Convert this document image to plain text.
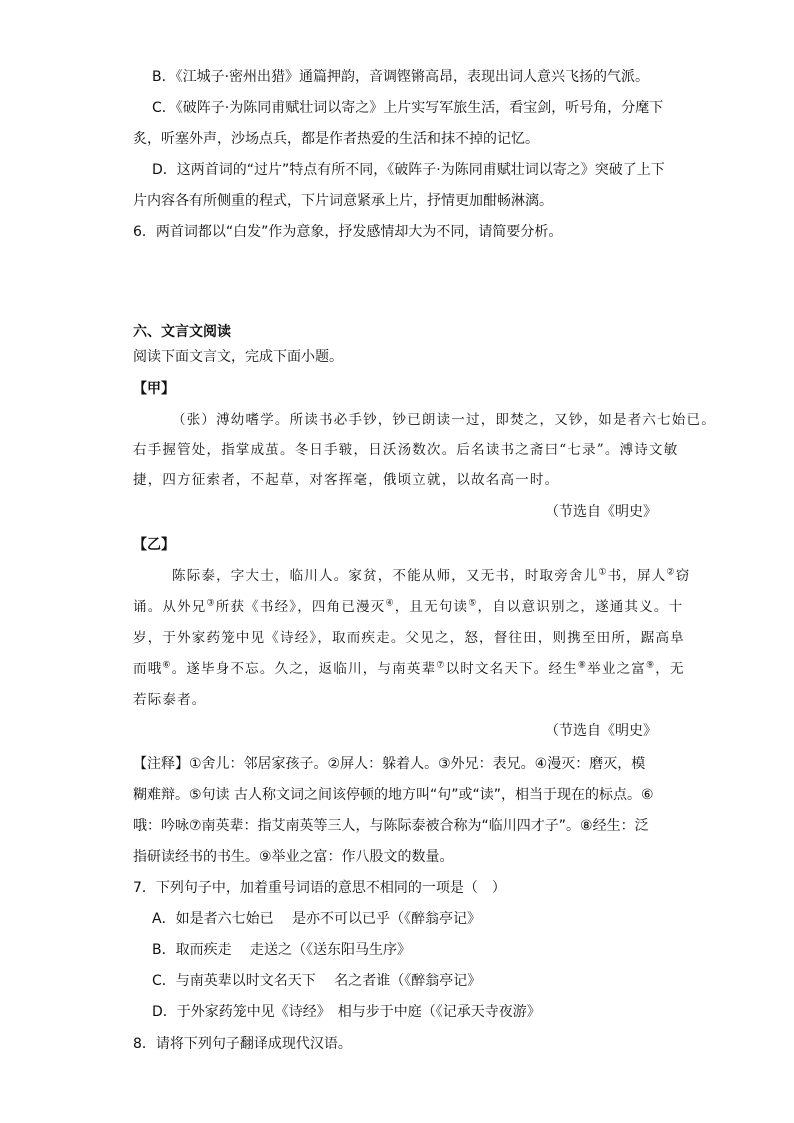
B．《江城子·密州出猎》通篇押韵，音调铿锵高昂，表现出词人意兴飞扬的气派。
C．《破阵子·为陈同甫赋壮词以寄之》上片实写军旅生活，看宝剑，听号角，分麾下
炙，听塞外声，沙场点兵，都是作者热爱的生活和抹不掉的记忆。
D．这两首词的“过片”特点有所不同，《破阵子·为陈同甫赋壮词以寄之》突破了上下
片内容各有所侧重的程式，下片词意紧承上片，抒情更加酣畅淋漓。
6．两首词都以“白发”作为意象，抒发感情却大为不同，请简要分析。
六、文言文阅读
阅读下面文言文，完成下面小题。
【甲】
（张）溥幼嗜学。所读书必手钞，钞已朗读一过，即焚之，又钞，如是者六七始已。
右手握管处，指掌成茧。冬日手皲，日沃汤数次。后名读书之斋曰“七录”。溥诗文敏
捷，四方征索者，不起草，对客挥毫，俄顷立就，以故名高一时。
（节选自《明史》
【乙】
陈际泰，字大士，临川人。家贫，不能从师，又无书，时取旁舍儿①书，屏人②窃
诵。从外兄③所获《书经》，四角已漫灭④，且无句读⑤，自以意识别之，遂通其义。十
岁，于外家药笼中见《诗经》，取而疾走。父见之，怒，督往田，则携至田所，踞高阜
而哦⑥。遂毕身不忘。久之，返临川，与南英辈⑦以时文名天下。经生⑧举业之富⑨，无
若际泰者。
（节选自《明史》
【注释】①舍儿：邻居家孩子。②屏人：躲着人。③外兄：表兄。④漫灭：磨灭，模
糊难辩。⑤句读 古人称文词之间该停顿的地方叫“句”或“读”，相当于现在的标点。⑥
哦：吟咏⑦南英辈：指艾南英等三人，与陈际泰被合称为“临川四才子”。⑧经生：泛
指研读经书的书生。⑨举业之富：作八股文的数量。
7．下列句子中，加着重号词语的意思不相同的一项是（　）
A．如是者六七始已　 是亦不可以已乎（《醉翁亭记》
B．取而疾走　 走送之（《送东阳马生序》
C．与南英辈以时文名天下　 名之者谁（《醉翁亭记》
D．于外家药笼中见《诗经》　相与步于中庭（《记承天寺夜游》
8．请将下列句子翻译成现代汉语。
